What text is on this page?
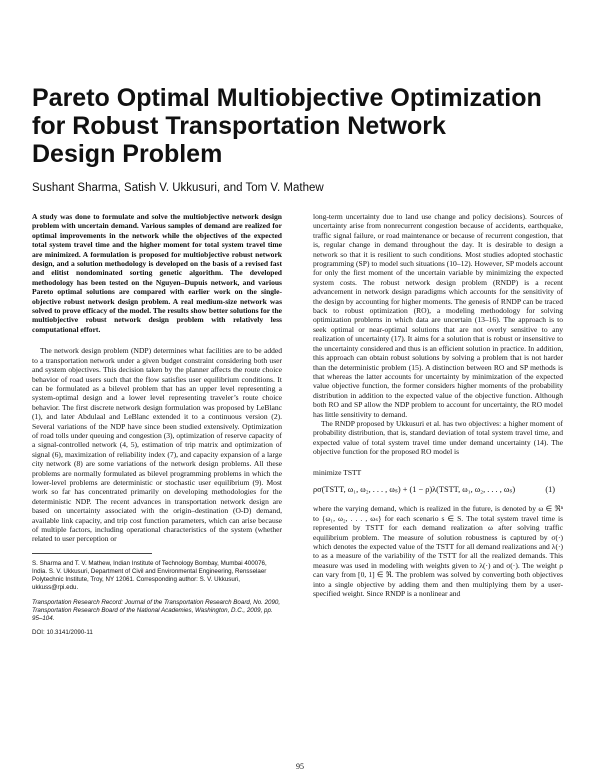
Pareto Optimal Multiobjective Optimization
for Robust Transportation Network
Design Problem
Sushant Sharma, Satish V. Ukkusuri, and Tom V. Mathew

A study was done to formulate and solve the multiobjective network design problem with uncertain demand. Various samples of demand are realized for optimal improvements in the network while the objectives of the expected total system travel time and the higher moment for total system travel time are minimized. A formulation is proposed for multiobjective robust network design, and a solution methodology is developed on the basis of a revised fast and elitist nondominated sorting genetic algorithm. The developed methodology has been tested on the Nguyen–Dupuis network, and various Pareto optimal solutions are compared with earlier work on the single-objective robust network design problem. A real medium-size network was solved to prove efficacy of the model. The results show better solutions for the multiobjective robust network design problem with relatively less computational effort.

The network design problem (NDP) determines what facilities are to be added to a transportation network under a given budget constraint considering both user and system objectives. This decision taken by the planner affects the route choice behavior of road users such that the flow satisfies user equilibrium conditions. It can be formulated as a bilevel problem that has an upper level representing a system-optimal design and a lower level representing traveler’s route choice behavior. The first discrete network design formulation was proposed by LeBlanc (1), and later Abdulaal and LeBlanc extended it to a continuous version (2). Several variations of the NDP have since been studied extensively. Optimization of road tolls under queuing and congestion (3), optimization of reserve capacity of a signal-controlled network (4, 5), estimation of trip matrix and optimization of signal (6), maximization of reliability index (7), and capacity expansion of a large city network (8) are some variations of the network design problems. All these problems are normally formulated as bilevel programming problems in which the lower-level problems are deterministic or stochastic user equilibrium (9). Most work so far has concentrated primarily on developing methodologies for the deterministic NDP. The recent advances in transportation network design are based on uncertainty associated with the origin–destination (O-D) demand, available link capacity, and trip cost function parameters, which can arise because of multiple factors, including operational characteristics of the system (whether related to user perception or

S. Sharma and T. V. Mathew, Indian Institute of Technology Bombay, Mumbai 400076, India. S. V. Ukkusuri, Department of Civil and Environmental Engineering, Rensselaer Polytechnic Institute, Troy, NY 12061. Corresponding author: S. V. Ukkusuri, ukkuss@rpi.edu.

Transportation Research Record: Journal of the Transportation Research Board, No. 2090, Transportation Research Board of the National Academies, Washington, D.C., 2009, pp. 95–104.

DOI: 10.3141/2090-11

long-term uncertainty due to land use change and policy decisions). Sources of uncertainty arise from nonrecurrent congestion because of accidents, earthquake, traffic signal failure, or road maintenance or because of recurrent congestion, that is, regular change in demand throughout the day. It is desirable to design a network so that it is resilient to such conditions. Most studies adopted stochastic programming (SP) to model such situations (10–12). However, SP models account for only the first moment of the uncertain variable by minimizing the expected system costs. The robust network design problem (RNDP) is a recent advancement in network design paradigms which accounts for the sensitivity of the design by accounting for higher moments. The genesis of RNDP can be traced back to robust optimization (RO), a modeling methodology for solving optimization problems in which data are uncertain (13–16). The approach is to seek optimal or near-optimal solutions that are not overly sensitive to any realization of uncertainty (17). It aims for a solution that is robust or insensitive to the uncertainty considered and thus is an efficient solution in practice. In addition, this approach can obtain robust solutions by solving a problem that is not harder than the deterministic problem (15). A distinction between RO and SP methods is that whereas the latter accounts for uncertainty by minimization of the expected value objective function, the former considers higher moments of the probability distribution in addition to the expected value of the objective function. Although both RO and SP allow the NDP problem to account for uncertainty, the RO model has little sensitivity to demand.

The RNDP proposed by Ukkusuri et al. has two objectives: a higher moment of probability distribution, that is, standard deviation of total system travel time, and expected value of total system travel time under demand uncertainty (14). The objective function for the proposed RO model is

minimize TSTT

ρσ(TSTT, ω₁, ω₂, . . . , ωₛ) + (1 − ρ)λ(TSTT, ω₁, ω₂, . . . , ωₛ)	(1)

where the varying demand, which is realized in the future, is denoted by ω ∈ ℜⁿ to {ω₁, ω₂, . . . , ωₛ} for each scenario s ∈ S. The total system travel time is represented by TSTT for each demand realization ω after solving traffic equilibrium problem. The measure of solution robustness is captured by σ(·) which denotes the expected value of the TSTT for all demand realizations and λ(·) to as a measure of the variability of the TSTT for all the realized demands. This measure was used in modeling with weights given to λ(·) and σ(·). The weight ρ can vary from [0, 1] ∈ ℜ. The problem was solved by converting both objectives into a single objective by adding them and then multiplying them by a user-specified weight. Since RNDP is a nonlinear and

95
